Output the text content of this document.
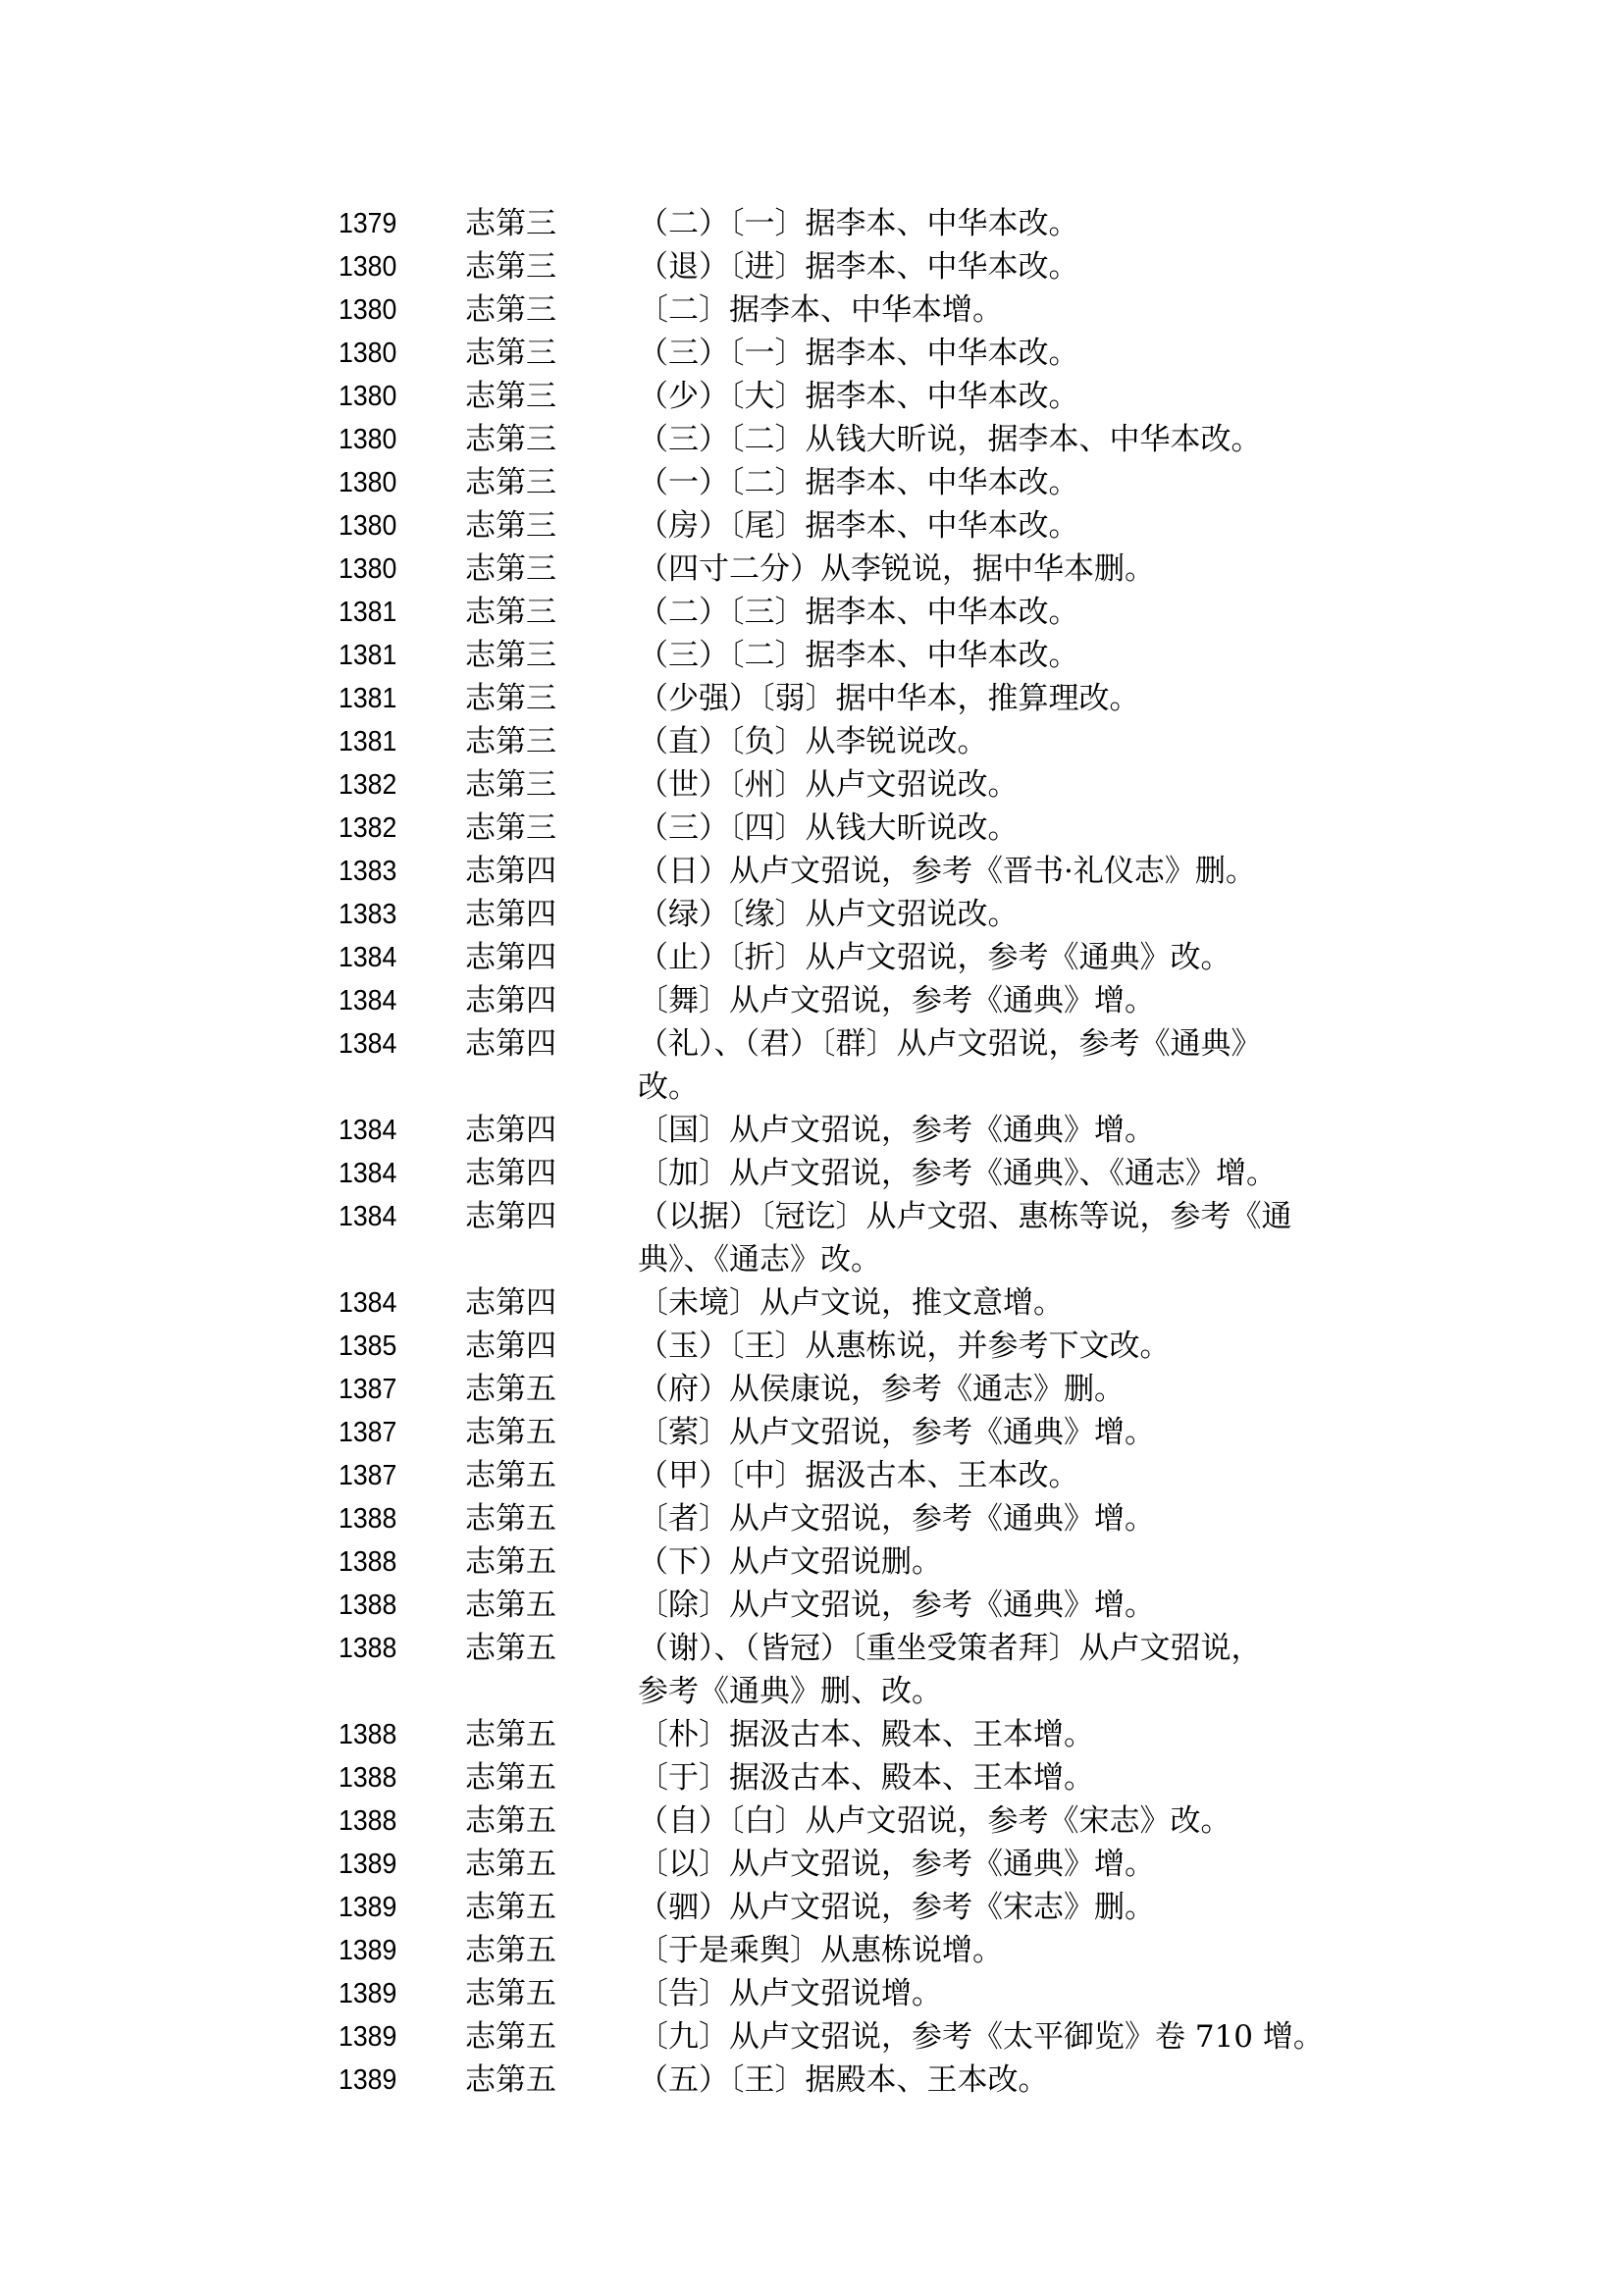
1379	志第三	（二）〔一〕据李本、中华本改。
1380	志第三	（退）〔进〕据李本、中华本改。
1380	志第三	〔二〕据李本、中华本增。
1380	志第三	（三）〔一〕据李本、中华本改。
1380	志第三	（少）〔大〕据李本、中华本改。
1380	志第三	（三）〔二〕从钱大昕说，据李本、中华本改。
1380	志第三	（一）〔二〕据李本、中华本改。
1380	志第三	（房）〔尾〕据李本、中华本改。
1380	志第三	（四寸二分）从李锐说，据中华本删。
1381	志第三	（二）〔三〕据李本、中华本改。
1381	志第三	（三）〔二〕据李本、中华本改。
1381	志第三	（少强）〔弱〕据中华本，推算理改。
1381	志第三	（直）〔负〕从李锐说改。
1382	志第三	（世）〔州〕从卢文弨说改。
1382	志第三	（三）〔四〕从钱大昕说改。
1383	志第四	（日）从卢文弨说，参考《晋书·礼仪志》删。
1383	志第四	（绿）〔缘〕从卢文弨说改。
1384	志第四	（止）〔折〕从卢文弨说，参考《通典》改。
1384	志第四	〔舞〕从卢文弨说，参考《通典》增。
1384	志第四	（礼）、（君）〔群〕从卢文弨说，参考《通典》
改。
1384	志第四	〔国〕从卢文弨说，参考《通典》增。
1384	志第四	〔加〕从卢文弨说，参考《通典》、《通志》增。
1384	志第四	（以据）〔冠讫〕从卢文弨、惠栋等说，参考《通
典》、《通志》改。
1384	志第四	〔未境〕从卢文说，推文意增。
1385	志第四	（玉）〔王〕从惠栋说，并参考下文改。
1387	志第五	（府）从侯康说，参考《通志》删。
1387	志第五	〔萦〕从卢文弨说，参考《通典》增。
1387	志第五	（甲）〔中〕据汲古本、王本改。
1388	志第五	〔者〕从卢文弨说，参考《通典》增。
1388	志第五	（下）从卢文弨说删。
1388	志第五	〔除〕从卢文弨说，参考《通典》增。
1388	志第五	（谢）、（皆冠）〔重坐受策者拜〕从卢文弨说，
参考《通典》删、改。
1388	志第五	〔朴〕据汲古本、殿本、王本增。
1388	志第五	〔于〕据汲古本、殿本、王本增。
1388	志第五	（自）〔白〕从卢文弨说，参考《宋志》改。
1389	志第五	〔以〕从卢文弨说，参考《通典》增。
1389	志第五	（驷）从卢文弨说，参考《宋志》删。
1389	志第五	〔于是乘舆〕从惠栋说增。
1389	志第五	〔告〕从卢文弨说增。
1389	志第五	〔九〕从卢文弨说，参考《太平御览》卷 710 增。
1389	志第五	（五）〔王〕据殿本、王本改。
